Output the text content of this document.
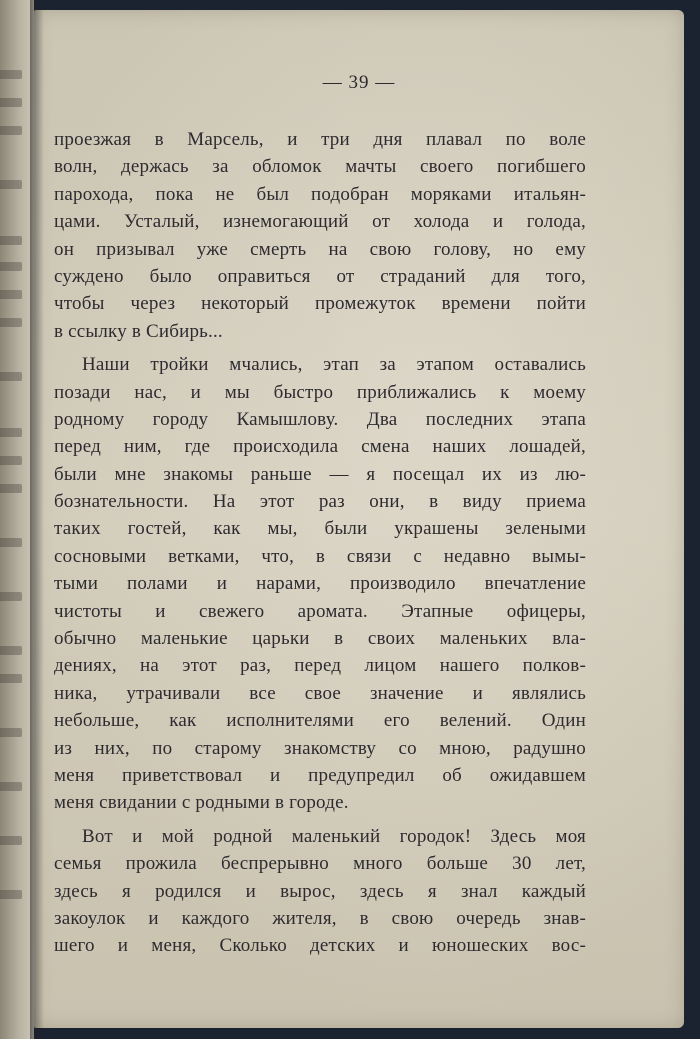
— 39 —
проезжая в Марсель, и три дня плавал по воле
волн, держась за обломок мачты своего погибшего
парохода, пока не был подобран моряками итальян-
цами. Усталый, изнемогающий от холода и голода,
он призывал уже смерть на свою голову, но ему
суждено было оправиться от страданий для того,
чтобы через некоторый промежуток времени пойти
в ссылку в Сибирь...
Наши тройки мчались, этап за этапом оставались
позади нас, и мы быстро приближались к моему
родному городу Камышлову. Два последних этапа
перед ним, где происходила смена наших лошадей,
были мне знакомы раньше — я посещал их из лю-
бознательности. На этот раз они, в виду приема
таких гостей, как мы, были украшены зелеными
сосновыми ветками, что, в связи с недавно вымы-
тыми полами и нарами, производило впечатление
чистоты и свежего аромата. Этапные офицеры,
обычно маленькие царьки в своих маленьких вла-
дениях, на этот раз, перед лицом нашего полков-
ника, утрачивали все свое значение и являлись
небольше, как исполнителями его велений. Один
из них, по старому знакомству со мною, радушно
меня приветствовал и предупредил об ожидавшем
меня свидании с родными в городе.
Вот и мой родной маленький городок! Здесь моя
семья прожила беспрерывно много больше 30 лет,
здесь я родился и вырос, здесь я знал каждый
закоулок и каждого жителя, в свою очередь знав-
шего и меня, Сколько детских и юношеских вос-
